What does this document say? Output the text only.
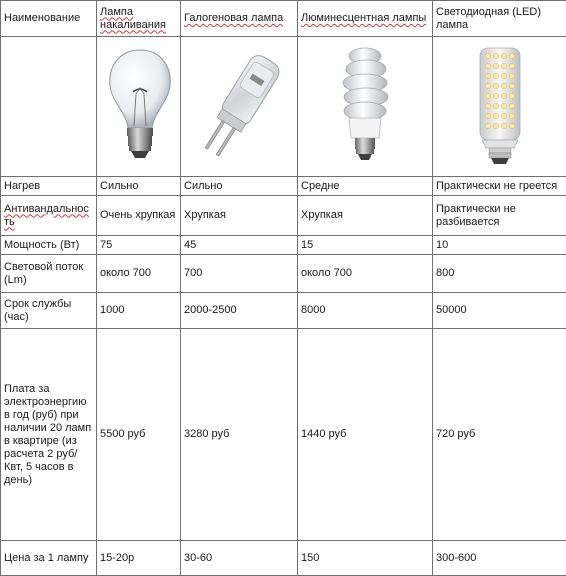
Наименование	Лампа накаливания	Галогеновая лампа	Люминесцентная лампы	Светодиодная (LED) лампа

Нагрев	Сильно	Сильно	Средне	Практически не греется
Антивандальность	Очень хрупкая	Хрупкая	Хрупкая	Практически не разбивается
Мощность (Вт)	75	45	15	10
Световой поток (Lm)	около 700	700	около 700	800
Срок службы (час)	1000	2000-2500	8000	50000
Плата за электроэнергию в год (руб) при наличии 20 ламп в квартире (из расчета 2 руб/Квт, 5 часов в день)	5500 руб	3280 руб	1440 руб	720 руб
Цена за 1 лампу	15-20р	30-60	150	300-600
